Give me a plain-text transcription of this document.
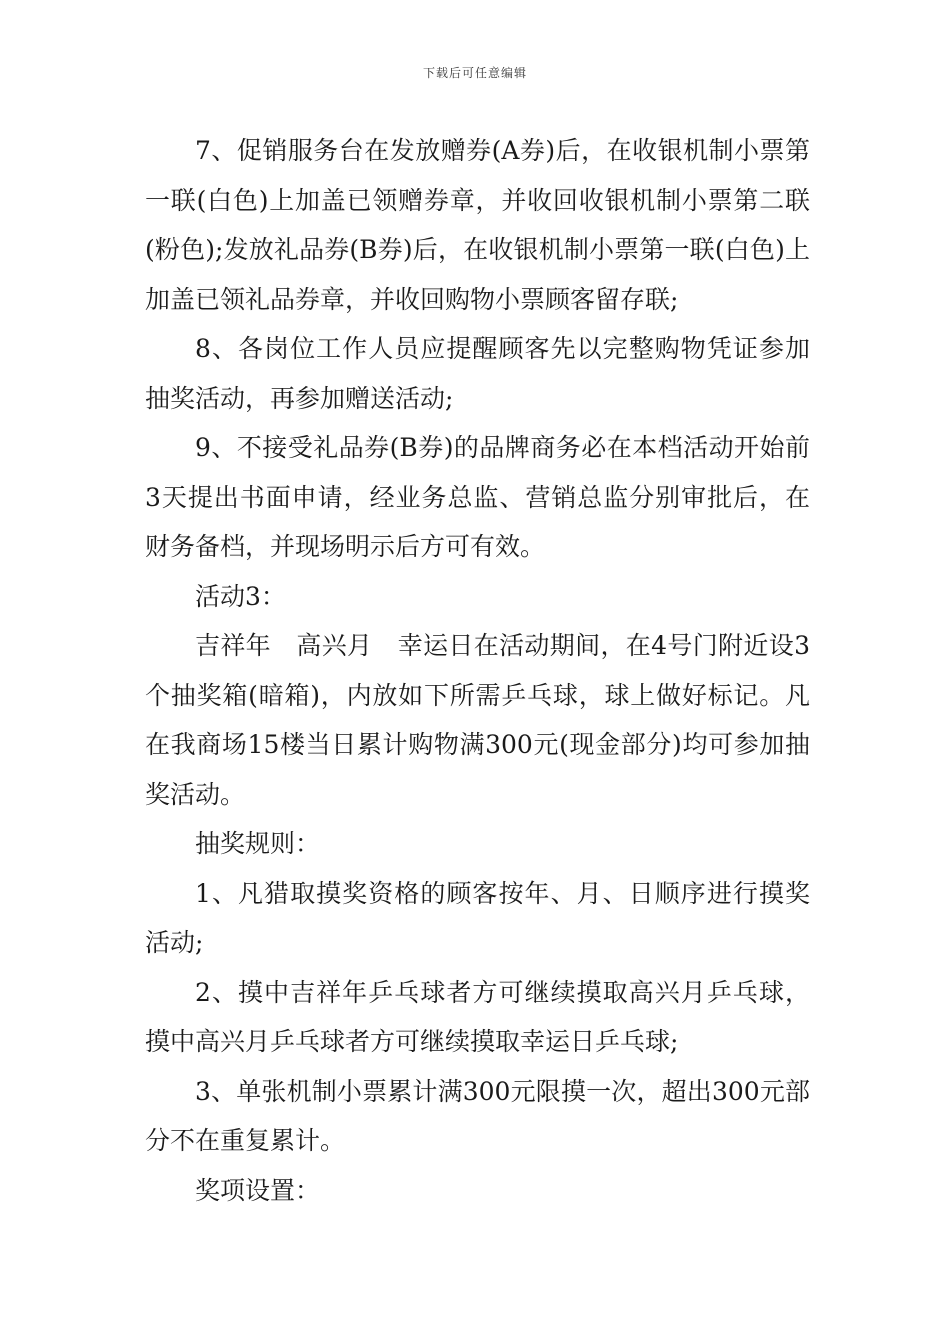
下载后可任意编辑

7、促销服务台在发放赠券(A券)后，在收银机制小票第一联(白色)上加盖已领赠券章，并收回收银机制小票第二联(粉色);发放礼品券(B券)后，在收银机制小票第一联(白色)上加盖已领礼品券章，并收回购物小票顾客留存联;

8、各岗位工作人员应提醒顾客先以完整购物凭证参加抽奖活动，再参加赠送活动;

9、不接受礼品券(B券)的品牌商务必在本档活动开始前3天提出书面申请，经业务总监、营销总监分别审批后，在财务备档，并现场明示后方可有效。

活动3：

吉祥年　高兴月　幸运日在活动期间，在4号门附近设3个抽奖箱(暗箱)，内放如下所需乒乓球，球上做好标记。凡在我商场15楼当日累计购物满300元(现金部分)均可参加抽奖活动。

抽奖规则：

1、凡猎取摸奖资格的顾客按年、月、日顺序进行摸奖活动;

2、摸中吉祥年乒乓球者方可继续摸取高兴月乒乓球，摸中高兴月乒乓球者方可继续摸取幸运日乒乓球;

3、单张机制小票累计满300元限摸一次，超出300元部分不在重复累计。

奖项设置：
